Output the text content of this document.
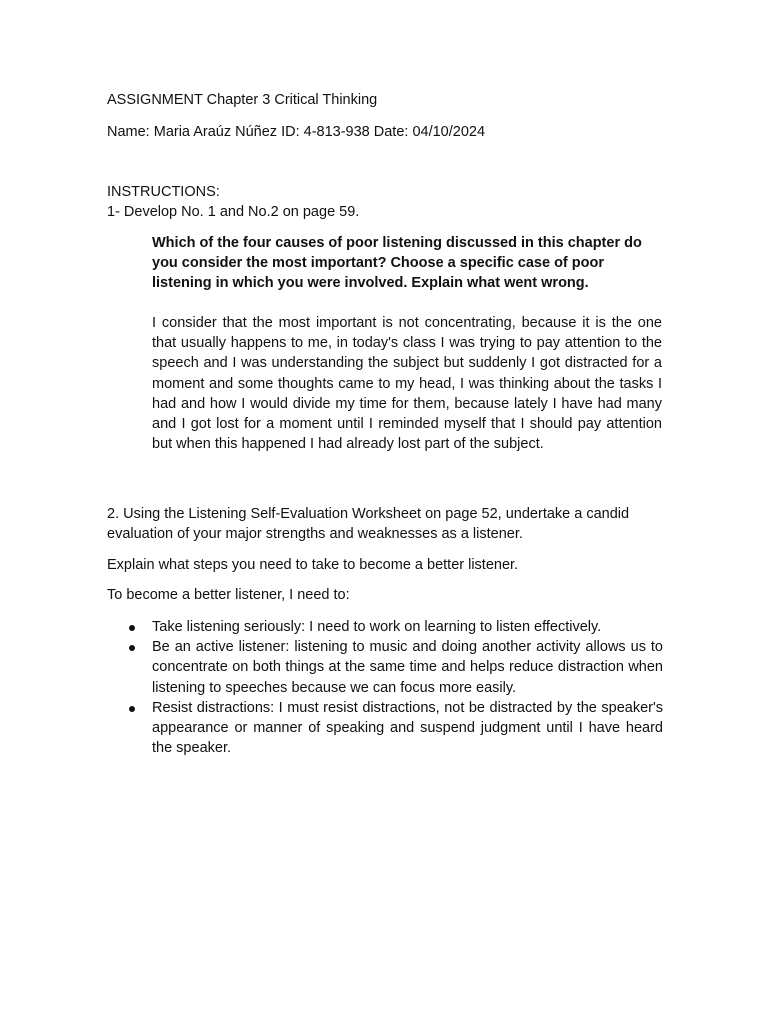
ASSIGNMENT Chapter 3 Critical Thinking
Name: Maria Araúz Núñez ID: 4-813-938 Date: 04/10/2024
INSTRUCTIONS:
1- Develop No. 1 and No.2 on page 59.
Which of the four causes of poor listening discussed in this chapter do you consider the most important? Choose a specific case of poor listening in which you were involved. Explain what went wrong.
I consider that the most important is not concentrating, because it is the one that usually happens to me, in today's class I was trying to pay attention to the speech and I was understanding the subject but suddenly I got distracted for a moment and some thoughts came to my head, I was thinking about the tasks I had and how I would divide my time for them, because lately I have had many and I got lost for a moment until I reminded myself that I should pay attention but when this happened I had already lost part of the subject.
2. Using the Listening Self-Evaluation Worksheet on page 52, undertake a candid evaluation of your major strengths and weaknesses as a listener.
Explain what steps you need to take to become a better listener.
To become a better listener, I need to:
Take listening seriously: I need to work on learning to listen effectively.
Be an active listener: listening to music and doing another activity allows us to concentrate on both things at the same time and helps reduce distraction when listening to speeches because we can focus more easily.
Resist distractions: I must resist distractions, not be distracted by the speaker's appearance or manner of speaking and suspend judgment until I have heard the speaker.
